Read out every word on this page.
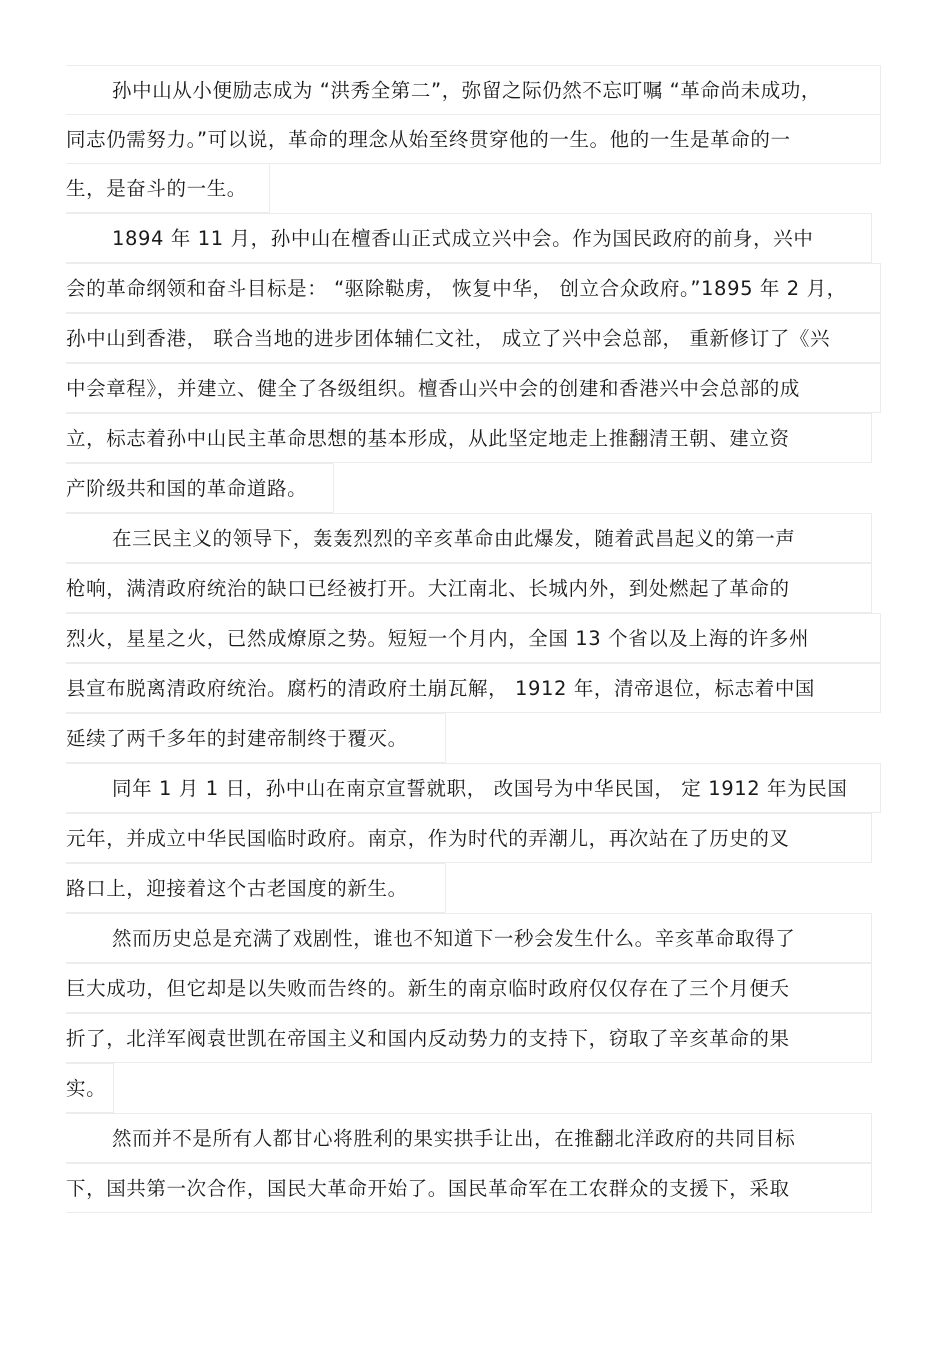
孙中山从小便励志成为 “洪秀全第二”，弥留之际仍然不忘叮嘱 “革命尚未成功，
同志仍需努力。”可以说，革命的理念从始至终贯穿他的一生。他的一生是革命的一
生，是奋斗的一生。
1894 年 11 月，孙中山在檀香山正式成立兴中会。作为国民政府的前身，兴中
会的革命纲领和奋斗目标是： “驱除鞑虏， 恢复中华， 创立合众政府。”1895 年 2 月，
孙中山到香港， 联合当地的进步团体辅仁文社， 成立了兴中会总部， 重新修订了《兴
中会章程》，并建立、健全了各级组织。檀香山兴中会的创建和香港兴中会总部的成
立，标志着孙中山民主革命思想的基本形成，从此坚定地走上推翻清王朝、建立资
产阶级共和国的革命道路。
在三民主义的领导下，轰轰烈烈的辛亥革命由此爆发，随着武昌起义的第一声
枪响，满清政府统治的缺口已经被打开。大江南北、长城内外，到处燃起了革命的
烈火，星星之火，已然成燎原之势。短短一个月内，全国 13 个省以及上海的许多州
县宣布脱离清政府统治。腐朽的清政府土崩瓦解， 1912 年，清帝退位，标志着中国
延续了两千多年的封建帝制终于覆灭。
同年 1 月 1 日，孙中山在南京宣誓就职， 改国号为中华民国， 定 1912 年为民国
元年，并成立中华民国临时政府。南京，作为时代的弄潮儿，再次站在了历史的叉
路口上，迎接着这个古老国度的新生。
然而历史总是充满了戏剧性，谁也不知道下一秒会发生什么。辛亥革命取得了
巨大成功，但它却是以失败而告终的。新生的南京临时政府仅仅存在了三个月便夭
折了，北洋军阀袁世凯在帝国主义和国内反动势力的支持下，窃取了辛亥革命的果
实。
然而并不是所有人都甘心将胜利的果实拱手让出，在推翻北洋政府的共同目标
下，国共第一次合作，国民大革命开始了。国民革命军在工农群众的支援下，采取
